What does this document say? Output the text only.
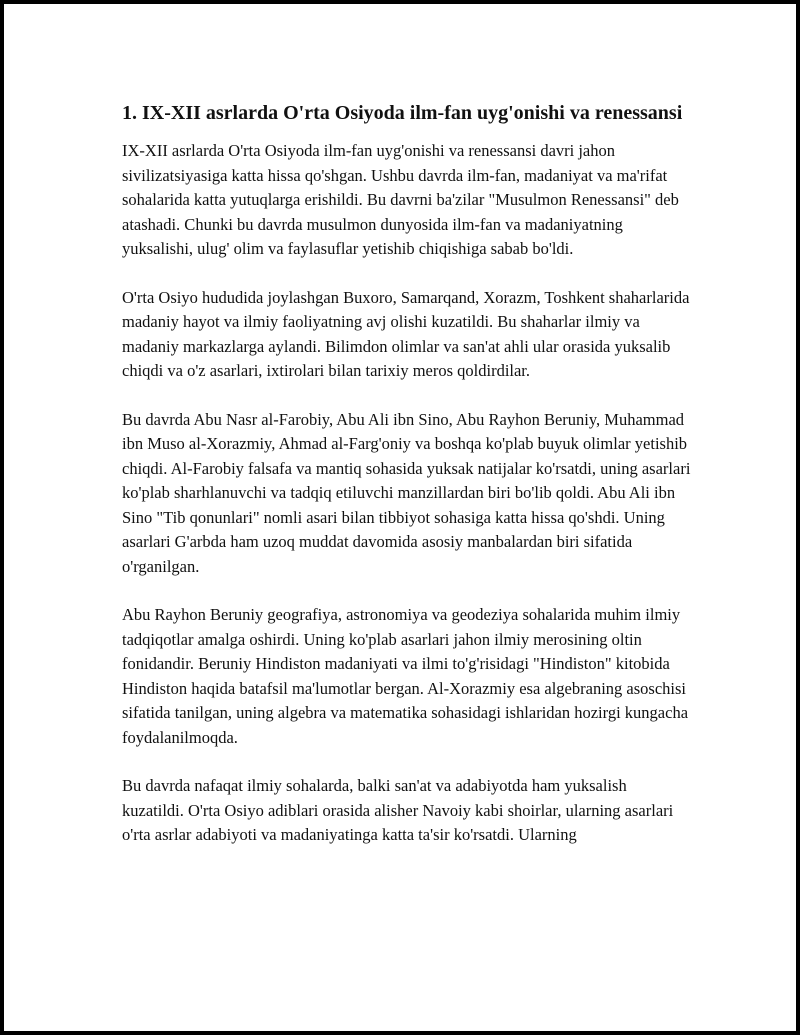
1. IX-XII asrlarda O'rta Osiyoda ilm-fan uyg'onishi va renessansi

IX-XII asrlarda O'rta Osiyoda ilm-fan uyg'onishi va renessansi davri jahon sivilizatsiyasiga katta hissa qo'shgan. Ushbu davrda ilm-fan, madaniyat va ma'rifat sohalarida katta yutuqlarga erishildi. Bu davrni ba'zilar "Musulmon Renessansi" deb atashadi. Chunki bu davrda musulmon dunyosida ilm-fan va madaniyatning yuksalishi, ulug' olim va faylasuflar yetishib chiqishiga sabab bo'ldi.

O'rta Osiyo hududida joylashgan Buxoro, Samarqand, Xorazm, Toshkent shaharlarida madaniy hayot va ilmiy faoliyatning avj olishi kuzatildi. Bu shaharlar ilmiy va madaniy markazlarga aylandi. Bilimdon olimlar va san'at ahli ular orasida yuksalib chiqdi va o'z asarlari, ixtirolari bilan tarixiy meros qoldirdilar.

Bu davrda Abu Nasr al-Farobiy, Abu Ali ibn Sino, Abu Rayhon Beruniy, Muhammad ibn Muso al-Xorazmiy, Ahmad al-Farg'oniy va boshqa ko'plab buyuk olimlar yetishib chiqdi. Al-Farobiy falsafa va mantiq sohasida yuksak natijalar ko'rsatdi, uning asarlari ko'plab sharhlanuvchi va tadqiq etiluvchi manzillardan biri bo'lib qoldi. Abu Ali ibn Sino "Tib qonunlari" nomli asari bilan tibbiyot sohasiga katta hissa qo'shdi. Uning asarlari G'arbda ham uzoq muddat davomida asosiy manbalardan biri sifatida o'rganilgan.

Abu Rayhon Beruniy geografiya, astronomiya va geodeziya sohalarida muhim ilmiy tadqiqotlar amalga oshirdi. Uning ko'plab asarlari jahon ilmiy merosining oltin fonidandir. Beruniy Hindiston madaniyati va ilmi to'g'risidagi "Hindiston" kitobida Hindiston haqida batafsil ma'lumotlar bergan. Al-Xorazmiy esa algebraning asoschisi sifatida tanilgan, uning algebra va matematika sohasidagi ishlaridan hozirgi kungacha foydalanilmoqda.

Bu davrda nafaqat ilmiy sohalarda, balki san'at va adabiyotda ham yuksalish kuzatildi. O'rta Osiyo adiblari orasida alisher Navoiy kabi shoirlar, ularning asarlari o'rta asrlar adabiyoti va madaniyatinga katta ta'sir ko'rsatdi. Ularning
